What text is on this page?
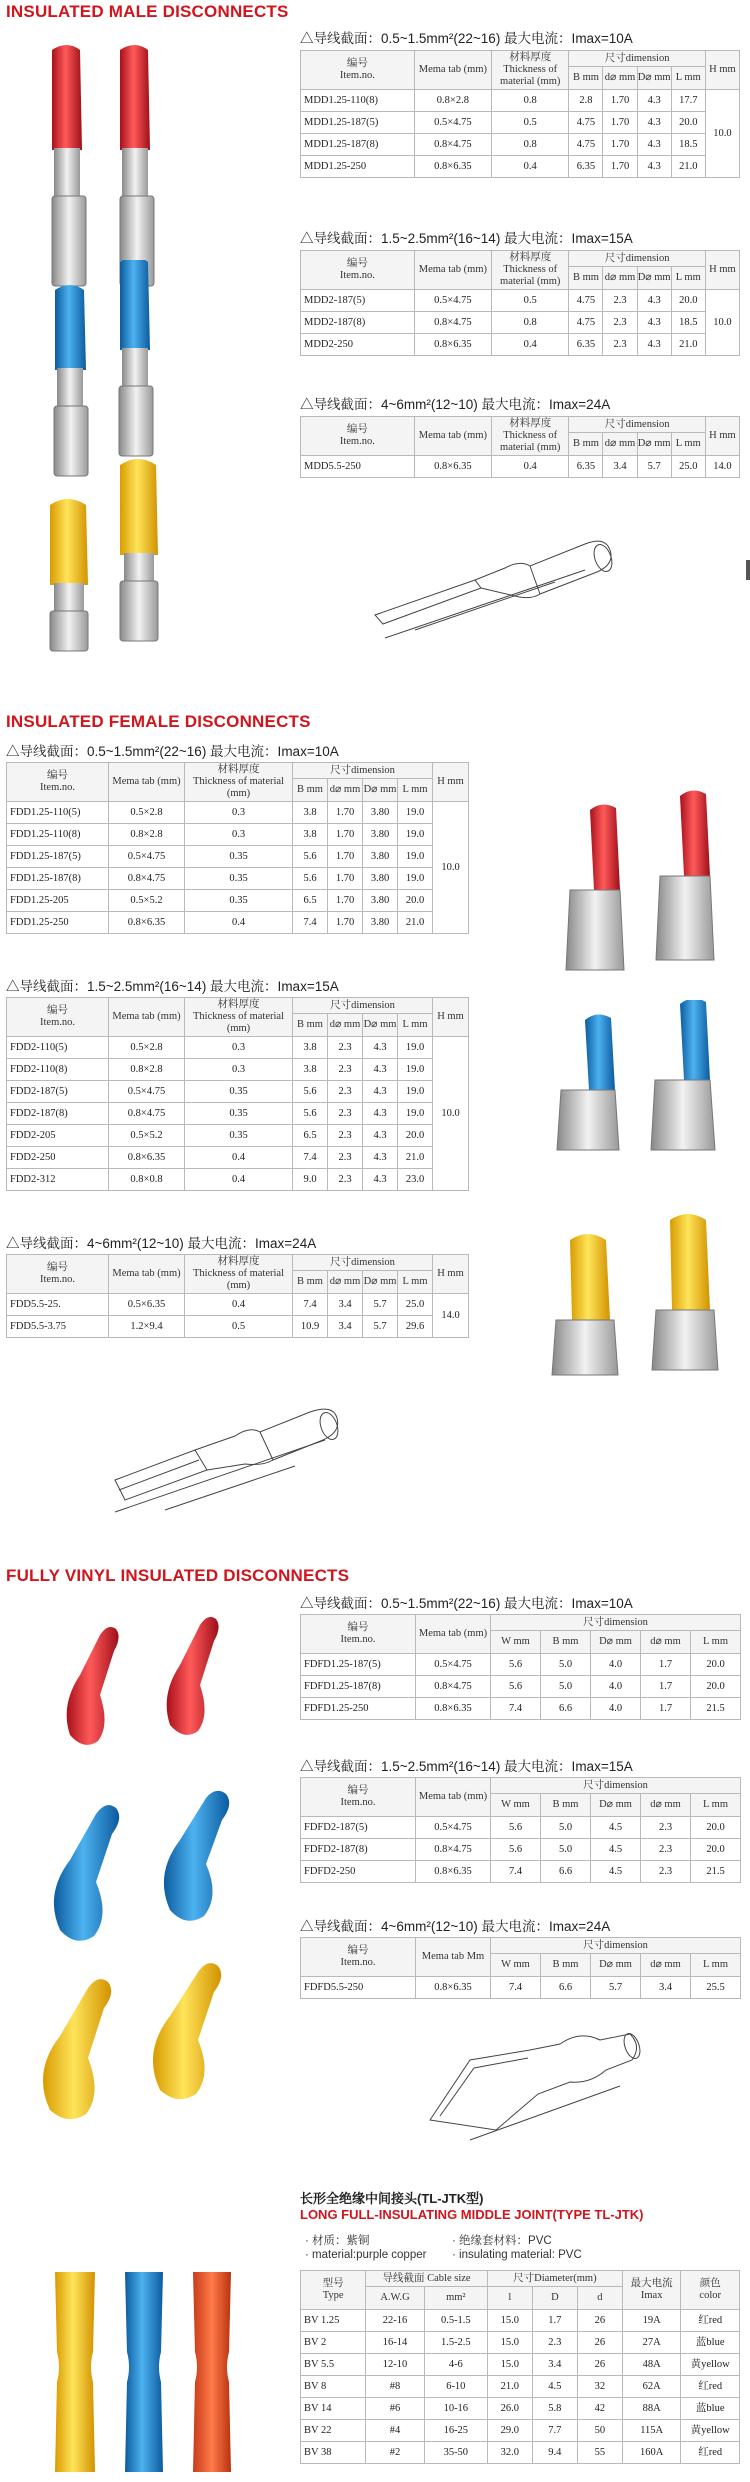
INSULATED MALE DISCONNECTS
△导线截面：0.5~1.5mm²(22~16) 最大电流：Imax=10A
编号
Item.no.	Mema tab (mm)	材料厚度
Thickness of material (mm)	尺寸dimension				H mm
			B mm	d⌀ mm	D⌀ mm	L mm	
MDD1.25-110(8)	0.8×2.8	0.8	2.8	1.70	4.3	17.7	10.0
MDD1.25-187(5)	0.5×4.75	0.5	4.75	1.70	4.3	20.0	
MDD1.25-187(8)	0.8×4.75	0.8	4.75	1.70	4.3	18.5	
MDD1.25-250	0.8×6.35	0.4	6.35	1.70	4.3	21.0	
△导线截面：1.5~2.5mm²(16~14) 最大电流：Imax=15A
编号
Item.no.	Mema tab (mm)	材料厚度
Thickness of material (mm)	尺寸dimension				H mm
			B mm	d⌀ mm	D⌀ mm	L mm	
MDD2-187(5)	0.5×4.75	0.5	4.75	2.3	4.3	20.0	10.0
MDD2-187(8)	0.8×4.75	0.8	4.75	2.3	4.3	18.5	
MDD2-250	0.8×6.35	0.4	6.35	2.3	4.3	21.0	
△导线截面：4~6mm²(12~10) 最大电流：Imax=24A
编号
Item.no.	Mema tab (mm)	材料厚度
Thickness of material (mm)	尺寸dimension				H mm
			B mm	d⌀ mm	D⌀ mm	L mm	
MDD5.5-250	0.8×6.35	0.4	6.35	3.4	5.7	25.0	14.0
INSULATED FEMALE DISCONNECTS
△导线截面：0.5~1.5mm²(22~16) 最大电流：Imax=10A
编号
Item.no.	Mema tab (mm)	材料厚度
Thickness of material (mm)	尺寸dimension				H mm
			B mm	d⌀ mm	D⌀ mm	L mm	
FDD1.25-110(5)	0.5×2.8	0.3	3.8	1.70	3.80	19.0	10.0
FDD1.25-110(8)	0.8×2.8	0.3	3.8	1.70	3.80	19.0	
FDD1.25-187(5)	0.5×4.75	0.35	5.6	1.70	3.80	19.0	
FDD1.25-187(8)	0.8×4.75	0.35	5.6	1.70	3.80	19.0	
FDD1.25-205	0.5×5.2	0.35	6.5	1.70	3.80	20.0	
FDD1.25-250	0.8×6.35	0.4	7.4	1.70	3.80	21.0	
△导线截面：1.5~2.5mm²(16~14) 最大电流：Imax=15A
编号
Item.no.	Mema tab (mm)	材料厚度
Thickness of material (mm)	尺寸dimension				H mm
			B mm	d⌀ mm	D⌀ mm	L mm	
FDD2-110(5)	0.5×2.8	0.3	3.8	2.3	4.3	19.0	10.0
FDD2-110(8)	0.8×2.8	0.3	3.8	2.3	4.3	19.0	
FDD2-187(5)	0.5×4.75	0.35	5.6	2.3	4.3	19.0	
FDD2-187(8)	0.8×4.75	0.35	5.6	2.3	4.3	19.0	
FDD2-205	0.5×5.2	0.35	6.5	2.3	4.3	20.0	
FDD2-250	0.8×6.35	0.4	7.4	2.3	4.3	21.0	
FDD2-312	0.8×0.8	0.4	9.0	2.3	4.3	23.0	
△导线截面：4~6mm²(12~10) 最大电流：Imax=24A
编号
Item.no.	Mema tab (mm)	材料厚度
Thickness of material (mm)	尺寸dimension				H mm
			B mm	d⌀ mm	D⌀ mm	L mm	
FDD5.5-25.	0.5×6.35	0.4	7.4	3.4	5.7	25.0	14.0
FDD5.5-3.75	1.2×9.4	0.5	10.9	3.4	5.7	29.6	
FULLY VINYL INSULATED DISCONNECTS
△导线截面：0.5~1.5mm²(22~16) 最大电流：Imax=10A
编号
Item.no.	Mema tab (mm)	尺寸dimension				
		W mm	B mm	D⌀ mm	d⌀ mm	L mm
FDFD1.25-187(5)	0.5×4.75	5.6	5.0	4.0	1.7	20.0
FDFD1.25-187(8)	0.8×4.75	5.6	5.0	4.0	1.7	20.0
FDFD1.25-250	0.8×6.35	7.4	6.6	4.0	1.7	21.5
△导线截面：1.5~2.5mm²(16~14) 最大电流：Imax=15A
编号
Item.no.	Mema tab (mm)	尺寸dimension				
		W mm	B mm	D⌀ mm	d⌀ mm	L mm
FDFD2-187(5)	0.5×4.75	5.6	5.0	4.5	2.3	20.0
FDFD2-187(8)	0.8×4.75	5.6	5.0	4.5	2.3	20.0
FDFD2-250	0.8×6.35	7.4	6.6	4.5	2.3	21.5
△导线截面：4~6mm²(12~10) 最大电流：Imax=24A
编号
Item.no.	Mema tab Mm	尺寸dimension				
		W mm	B mm	D⌀ mm	d⌀ mm	L mm
FDFD5.5-250	0.8×6.35	7.4	6.6	5.7	3.4	25.5
长形全绝缘中间接头(TL-JTK型)
LONG FULL-INSULATING MIDDLE JOINT(TYPE TL-JTK)
· 材质：紫铜
· material:purple copper
· 绝缘套材料：PVC
· insulating material: PVC
型号
Type	导线截面 Cable size		尺寸Diameter(mm)			最大电流
Imax	颜色
color
	A.W.G	mm²	l	D	d		
BV 1.25	22-16	0.5-1.5	15.0	1.7	26	19A	红red
BV 2	16-14	1.5-2.5	15.0	2.3	26	27A	蓝blue
BV 5.5	12-10	4-6	15.0	3.4	26	48A	黄yellow
BV 8	#8	6-10	21.0	4.5	32	62A	红red
BV 14	#6	10-16	26.0	5.8	42	88A	蓝blue
BV 22	#4	16-25	29.0	7.7	50	115A	黄yellow
BV 38	#2	35-50	32.0	9.4	55	160A	红red
